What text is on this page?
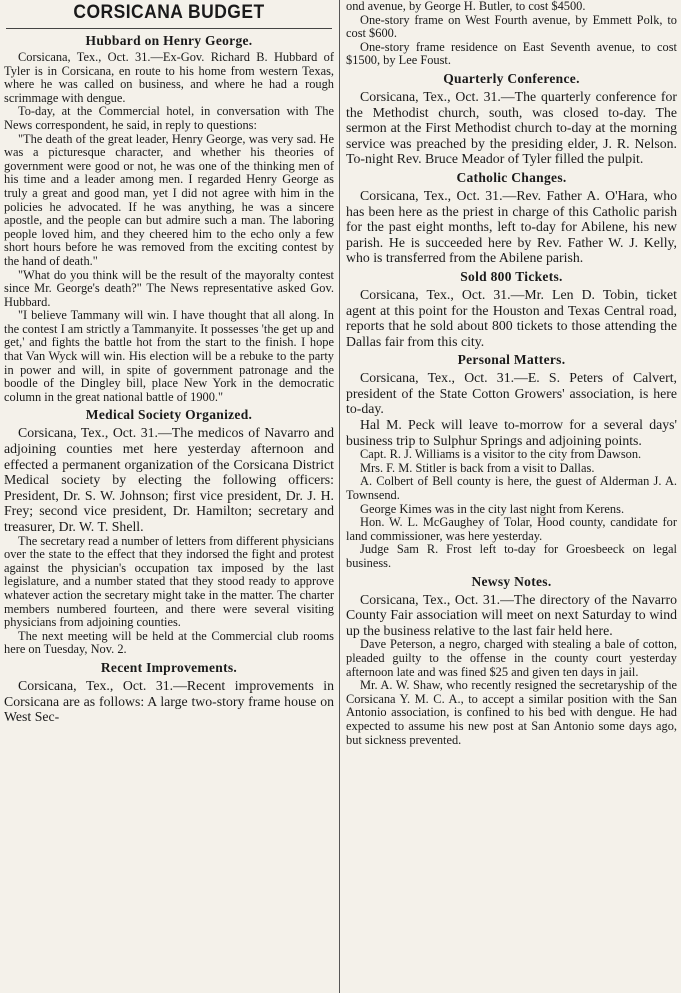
CORSICANA BUDGET
Hubbard on Henry George.

Corsicana, Tex., Oct. 31.—Ex-Gov. Richard B. Hubbard of Tyler is in Corsicana, en route to his home from western Texas, where he was called on business, and where he had a rough scrimmage with dengue.

To-day, at the Commercial hotel, in conversation with The News correspondent, he said, in reply to questions:

"The death of the great leader, Henry George, was very sad. He was a picturesque character, and whether his theories of government were good or not, he was one of the thinking men of his time and a leader among men. I regarded Henry George as truly a great and good man, yet I did not agree with him in the policies he advocated. If he was anything, he was a sincere apostle, and the people can but admire such a man. The laboring people loved him, and they cheered him to the echo only a few short hours before he was removed from the exciting contest by the hand of death."

"What do you think will be the result of the mayoralty contest since Mr. George's death?" The News representative asked Gov. Hubbard.

"I believe Tammany will win. I have thought that all along. In the contest I am strictly a Tammanyite. It possesses 'the get up and get,' and fights the battle hot from the start to the finish. I hope that Van Wyck will win. His election will be a rebuke to the party in power and will, in spite of government patronage and the boodle of the Dingley bill, place New York in the democratic column in the great national battle of 1900."

Medical Society Organized.

Corsicana, Tex., Oct. 31.—The medicos of Navarro and adjoining counties met here yesterday afternoon and effected a permanent organization of the Corsicana District Medical society by electing the following officers: President, Dr. S. W. Johnson; first vice president, Dr. J. H. Frey; second vice president, Dr. Hamilton; secretary and treasurer, Dr. W. T. Shell.

The secretary read a number of letters from different physicians over the state to the effect that they indorsed the fight and protest against the physician's occupation tax imposed by the last legislature, and a number stated that they stood ready to approve whatever action the secretary might take in the matter. The charter members numbered fourteen, and there were several visiting physicians from adjoining counties.

The next meeting will be held at the Commercial club rooms here on Tuesday, Nov. 2.

Recent Improvements.

Corsicana, Tex., Oct. 31.—Recent improvements in Corsicana are as follows: A large two-story frame house on West Sec-

ond avenue, by George H. Butler, to cost $4500.

One-story frame on West Fourth avenue, by Emmett Polk, to cost $600.

One-story frame residence on East Seventh avenue, to cost $1500, by Lee Foust.

Quarterly Conference.

Corsicana, Tex., Oct. 31.—The quarterly conference for the Methodist church, south, was closed to-day. The sermon at the First Methodist church to-day at the morning service was preached by the presiding elder, J. R. Nelson. To-night Rev. Bruce Meador of Tyler filled the pulpit.

Catholic Changes.

Corsicana, Tex., Oct. 31.—Rev. Father A. O'Hara, who has been here as the priest in charge of this Catholic parish for the past eight months, left to-day for Abilene, his new parish. He is succeeded here by Rev. Father W. J. Kelly, who is transferred from the Abilene parish.

Sold 800 Tickets.

Corsicana, Tex., Oct. 31.—Mr. Len D. Tobin, ticket agent at this point for the Houston and Texas Central road, reports that he sold about 800 tickets to those attending the Dallas fair from this city.

Personal Matters.

Corsicana, Tex., Oct. 31.—E. S. Peters of Calvert, president of the State Cotton Growers' association, is here to-day.

Hal M. Peck will leave to-morrow for a several days' business trip to Sulphur Springs and adjoining points.

Capt. R. J. Williams is a visitor to the city from Dawson.

Mrs. F. M. Stitler is back from a visit to Dallas.

A. Colbert of Bell county is here, the guest of Alderman J. A. Townsend.

George Kimes was in the city last night from Kerens.

Hon. W. L. McGaughey of Tolar, Hood county, candidate for land commissioner, was here yesterday.

Judge Sam R. Frost left to-day for Groesbeeck on legal business.

Newsy Notes.

Corsicana, Tex., Oct. 31.—The directory of the Navarro County Fair association will meet on next Saturday to wind up the business relative to the last fair held here.

Dave Peterson, a negro, charged with stealing a bale of cotton, pleaded guilty to the offense in the county court yesterday afternoon late and was fined $25 and given ten days in jail.

Mr. A. W. Shaw, who recently resigned the secretaryship of the Corsicana Y. M. C. A., to accept a similar position with the San Antonio association, is confined to his bed with dengue. He had expected to assume his new post at San Antonio some days ago, but sickness prevented.
